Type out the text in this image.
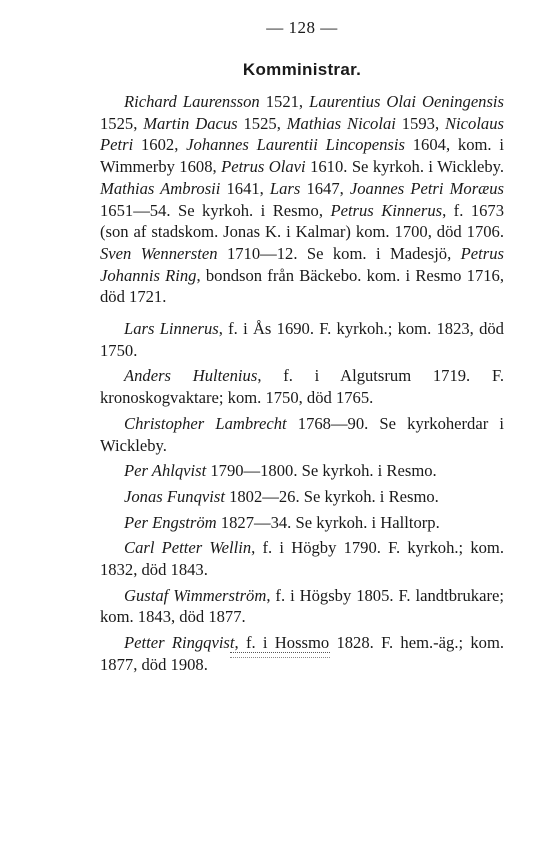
— 128 —
Komministrar.

Richard Laurensson 1521, Laurentius Olai Oeningensis 1525, Martin Dacus 1525, Mathias Nicolai 1593, Nicolaus Petri 1602, Johannes Laurentii Lincopensis 1604, kom. i Wimmerby 1608, Petrus Olavi 1610. Se kyrkoh. i Wickleby. Mathias Ambrosii 1641, Lars 1647, Joannes Petri Moræus 1651—54. Se kyrkoh. i Resmo, Petrus Kinnerus, f. 1673 (son af stadskom. Jonas K. i Kalmar) kom. 1700, död 1706. Sven Wennersten 1710—12. Se kom. i Madesjö, Petrus Johannis Ring, bondson från Bäckebo. kom. i Resmo 1716, död 1721.

Lars Linnerus, f. i Ås 1690. F. kyrkoh.; kom. 1823, död 1750.

Anders Hultenius, f. i Algutsrum 1719. F. kronoskogvaktare; kom. 1750, död 1765.

Christopher Lambrecht 1768—90. Se kyrkoherdar i Wickleby.

Per Ahlqvist 1790—1800. Se kyrkoh. i Resmo.

Jonas Funqvist 1802—26. Se kyrkoh. i Resmo.

Per Engström 1827—34. Se kyrkoh. i Halltorp.

Carl Petter Wellin, f. i Högby 1790. F. kyrkoh.; kom. 1832, död 1843.

Gustaf Wimmerström, f. i Högsby 1805. F. landtbrukare; kom. 1843, död 1877.

Petter Ringqvist, f. i Hossmo 1828. F. hem.-äg.; kom. 1877, död 1908.
